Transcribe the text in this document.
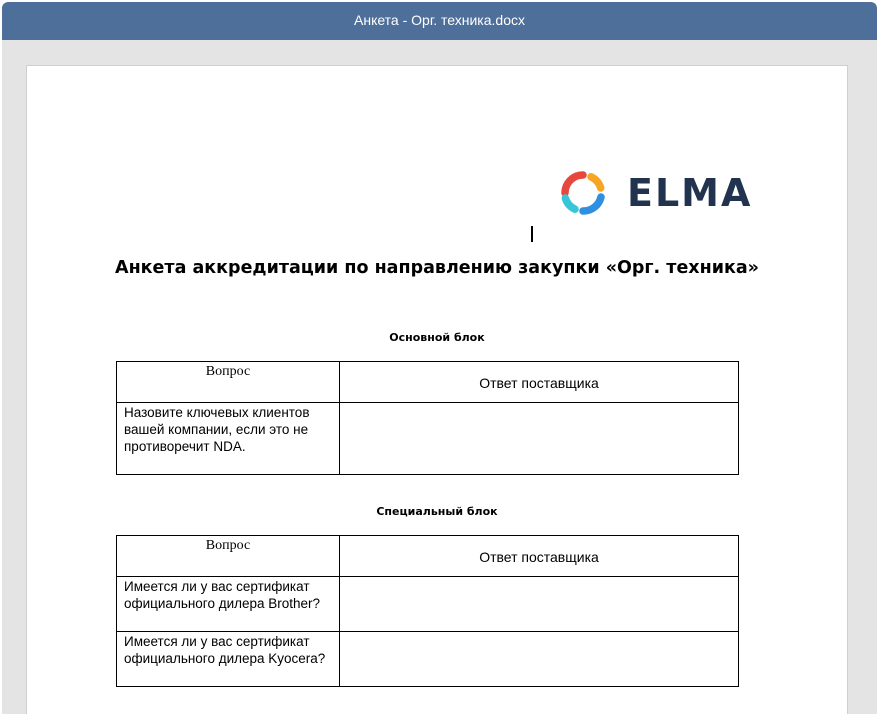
Анкета - Орг. техника.docx
ELMA
Анкета аккредитации по направлению закупки «Орг. техника»
Основной блок
Вопрос	Ответ поставщика
Назовите ключевых клиентов вашей компании, если это не противоречит NDA.	
Специальный блок
Вопрос	Ответ поставщика
Имеется ли у вас сертификат официального дилера Brother?	
Имеется ли у вас сертификат официального дилера Kyocera?	
